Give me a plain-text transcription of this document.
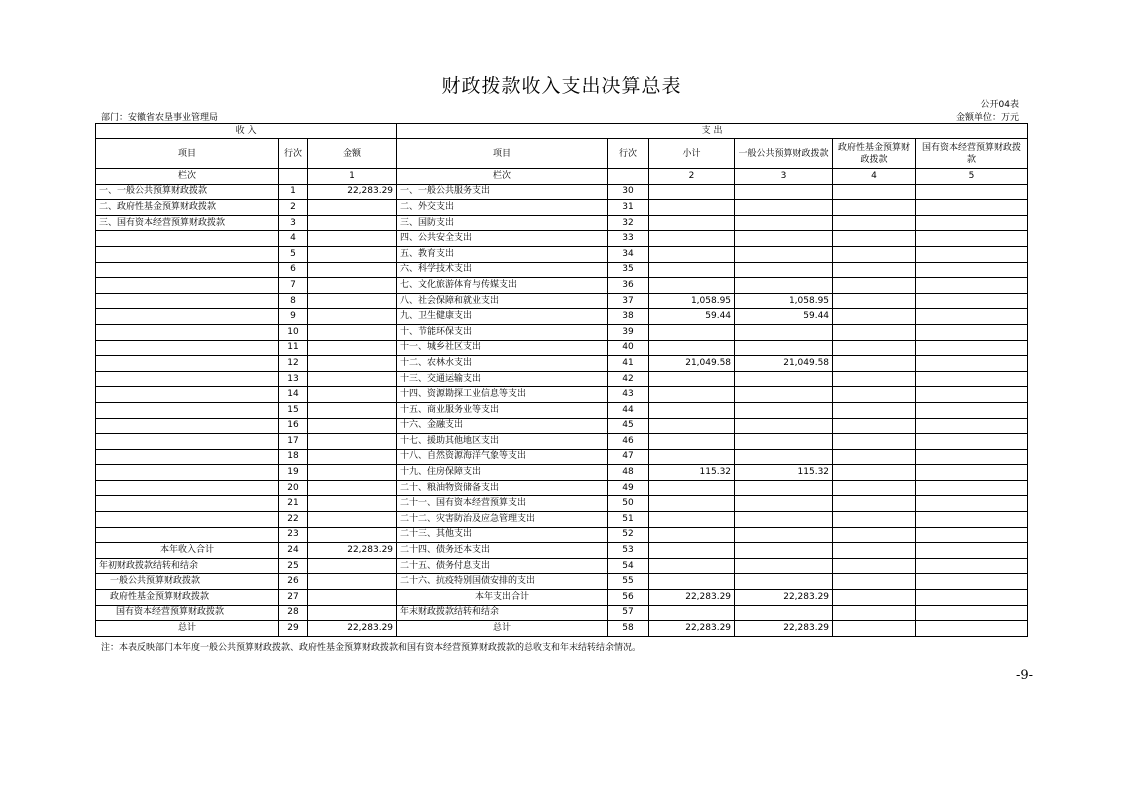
财政拨款收入支出决算总表
公开04表
部门：安徽省农垦事业管理局	金额单位：万元
收 入			支 出					
项目	行次	金额	项目	行次	小计	一般公共预算财政拨款	政府性基金预算财政拨款	国有资本经营预算财政拨款
栏次		1	栏次		2	3	4	5
一、一般公共预算财政拨款	1	22,283.29	一、一般公共服务支出	30				
二、政府性基金预算财政拨款	2		二、外交支出	31				
三、国有资本经营预算财政拨款	3		三、国防支出	32				
	4		四、公共安全支出	33				
	5		五、教育支出	34				
	6		六、科学技术支出	35				
	7		七、文化旅游体育与传媒支出	36				
	8		八、社会保障和就业支出	37	1,058.95	1,058.95		
	9		九、卫生健康支出	38	59.44	59.44		
	10		十、节能环保支出	39				
	11		十一、城乡社区支出	40				
	12		十二、农林水支出	41	21,049.58	21,049.58		
	13		十三、交通运输支出	42				
	14		十四、资源勘探工业信息等支出	43				
	15		十五、商业服务业等支出	44				
	16		十六、金融支出	45				
	17		十七、援助其他地区支出	46				
	18		十八、自然资源海洋气象等支出	47				
	19		十九、住房保障支出	48	115.32	115.32		
	20		二十、粮油物资储备支出	49				
	21		二十一、国有资本经营预算支出	50				
	22		二十二、灾害防治及应急管理支出	51				
	23		二十三、其他支出	52				
本年收入合计	24	22,283.29	二十四、债务还本支出	53				
年初财政拨款结转和结余	25		二十五、债务付息支出	54				
一般公共预算财政拨款	26		二十六、抗疫特别国债安排的支出	55				
政府性基金预算财政拨款	27		本年支出合计	56	22,283.29	22,283.29		
国有资本经营预算财政拨款	28		年末财政拨款结转和结余	57				
总计	29	22,283.29	总计	58	22,283.29	22,283.29		
注：本表反映部门本年度一般公共预算财政拨款、政府性基金预算财政拨款和国有资本经营预算财政拨款的总收支和年末结转结余情况。
-9-
